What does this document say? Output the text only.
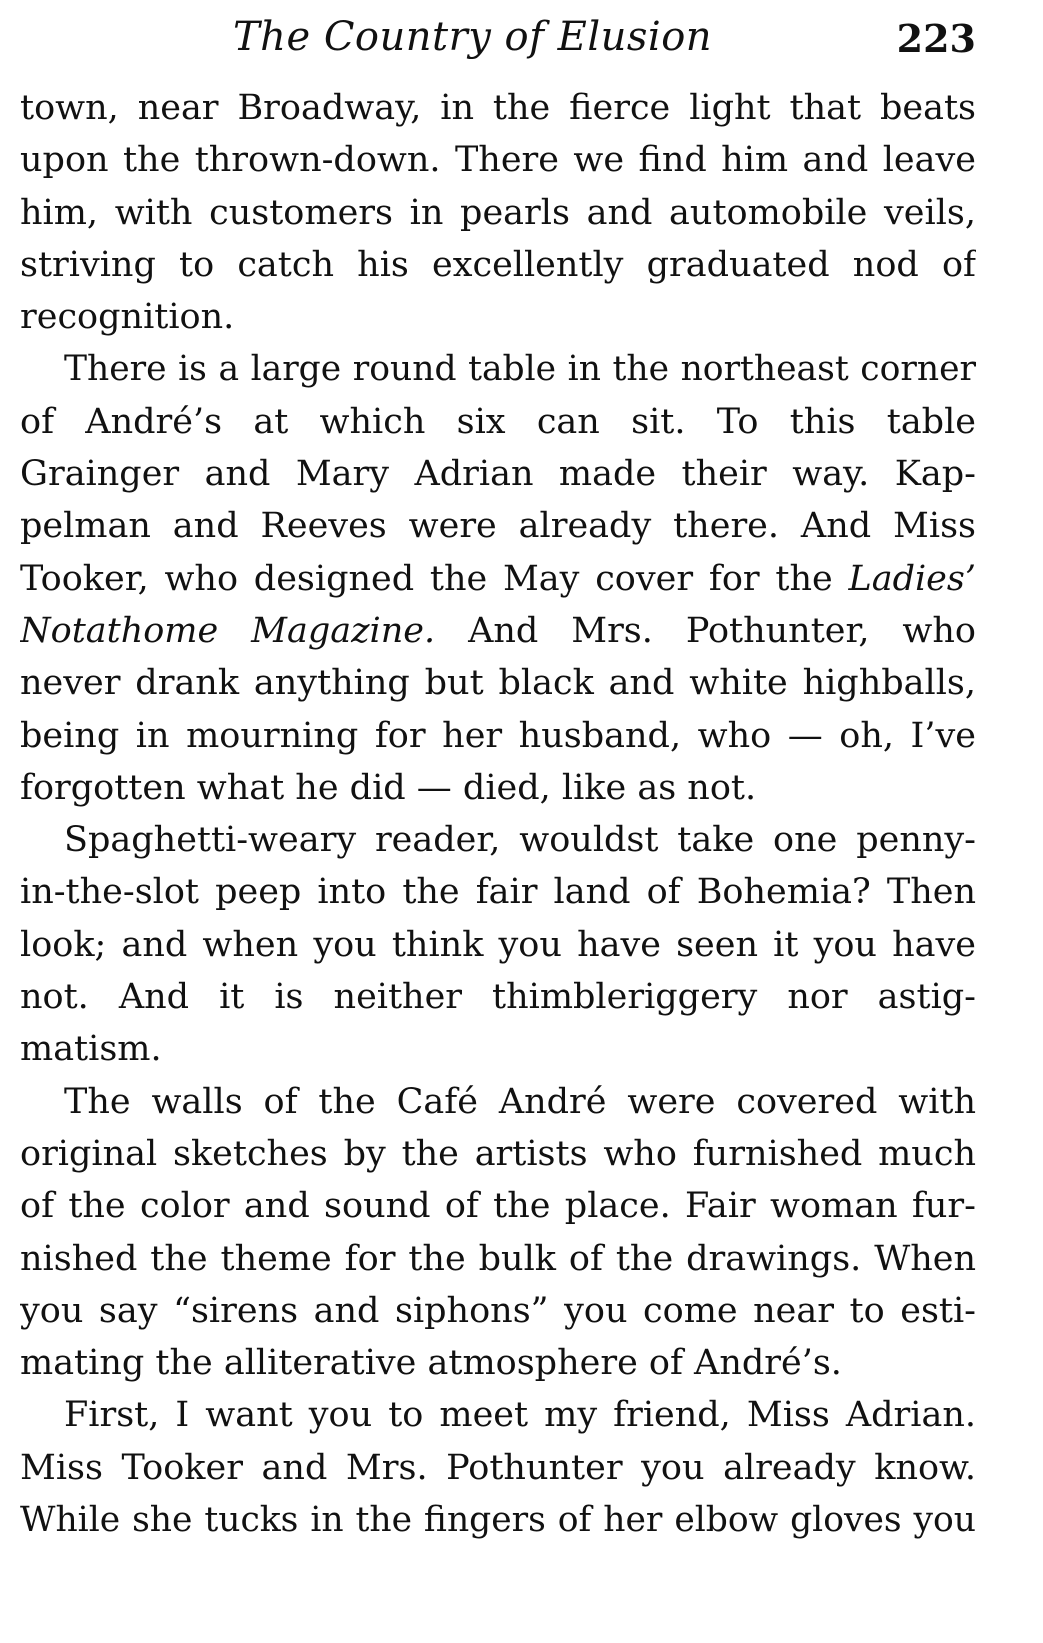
The Country of Elusion	223
town, near Broadway, in the fierce light that beats
upon the thrown-down. There we find him and leave
him, with customers in pearls and automobile veils,
striving to catch his excellently graduated nod of
recognition.
There is a large round table in the northeast corner
of André’s at which six can sit. To this table
Grainger and Mary Adrian made their way. Kap-
pelman and Reeves were already there. And Miss
Tooker, who designed the May cover for the Ladies’
Notathome Magazine. And Mrs. Pothunter, who
never drank anything but black and white highballs,
being in mourning for her husband, who — oh, I’ve
forgotten what he did — died, like as not.
Spaghetti-weary reader, wouldst take one penny-
in-the-slot peep into the fair land of Bohemia? Then
look; and when you think you have seen it you have
not. And it is neither thimbleriggery nor astig-
matism.
The walls of the Café André were covered with
original sketches by the artists who furnished much
of the color and sound of the place. Fair woman fur-
nished the theme for the bulk of the drawings. When
you say “sirens and siphons” you come near to esti-
mating the alliterative atmosphere of André’s.
First, I want you to meet my friend, Miss Adrian.
Miss Tooker and Mrs. Pothunter you already know.
While she tucks in the fingers of her elbow gloves you
